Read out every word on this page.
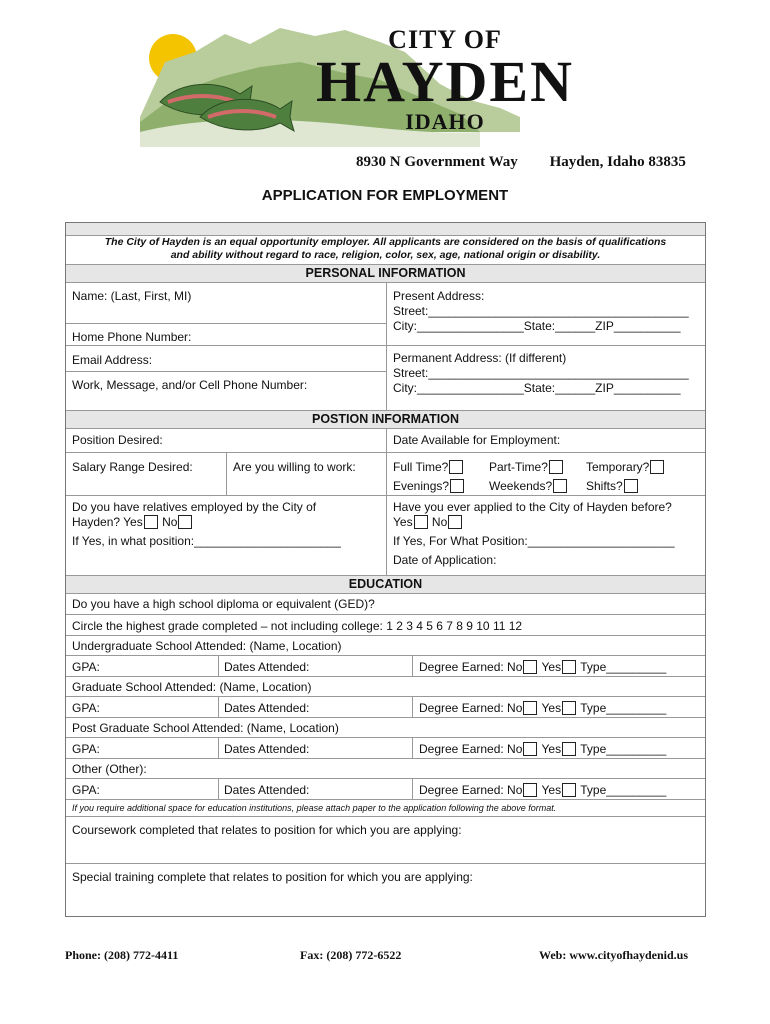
CITY OF
HAYDEN
IDAHO
8930 N Government Way Hayden, Idaho 83835
APPLICATION FOR EMPLOYMENT
The City of Hayden is an equal opportunity employer. All applicants are considered on the basis of qualifications
and ability without regard to race, religion, color, sex, age, national origin or disability.
PERSONAL INFORMATION
Name: (Last, First, MI)	Present Address:
Street:_______________________________________
City:________________State:______ZIP__________
Home Phone Number:
Email Address:	Permanent Address: (If different)
Street:_______________________________________
City:________________State:______ZIP__________
Work, Message, and/or Cell Phone Number:
POSTION INFORMATION
Position Desired:	Date Available for Employment:
Salary Range Desired:	Are you willing to work:	Full Time?	Part-Time?	Temporary?
Evenings?	Weekends?	Shifts?
Do you have relatives employed by the City of
Hayden? Yes No
If Yes, in what position:______________________
Have you ever applied to the City of Hayden before?
Yes No
If Yes, For What Position:______________________
Date of Application:
EDUCATION
Do you have a high school diploma or equivalent (GED)?
Circle the highest grade completed – not including college: 1 2 3 4 5 6 7 8 9 10 11 12
Undergraduate School Attended: (Name, Location)
GPA:	Dates Attended:	Degree Earned: No Yes Type_________
Graduate School Attended: (Name, Location)
GPA:	Dates Attended:	Degree Earned: No Yes Type_________
Post Graduate School Attended: (Name, Location)
GPA:	Dates Attended:	Degree Earned: No Yes Type_________
Other (Other):
GPA:	Dates Attended:	Degree Earned: No Yes Type_________
If you require additional space for education institutions, please attach paper to the application following the above format.
Coursework completed that relates to position for which you are applying:
Special training complete that relates to position for which you are applying:
Phone: (208) 772-4411	Fax: (208) 772-6522	Web: www.cityofhaydenid.us
